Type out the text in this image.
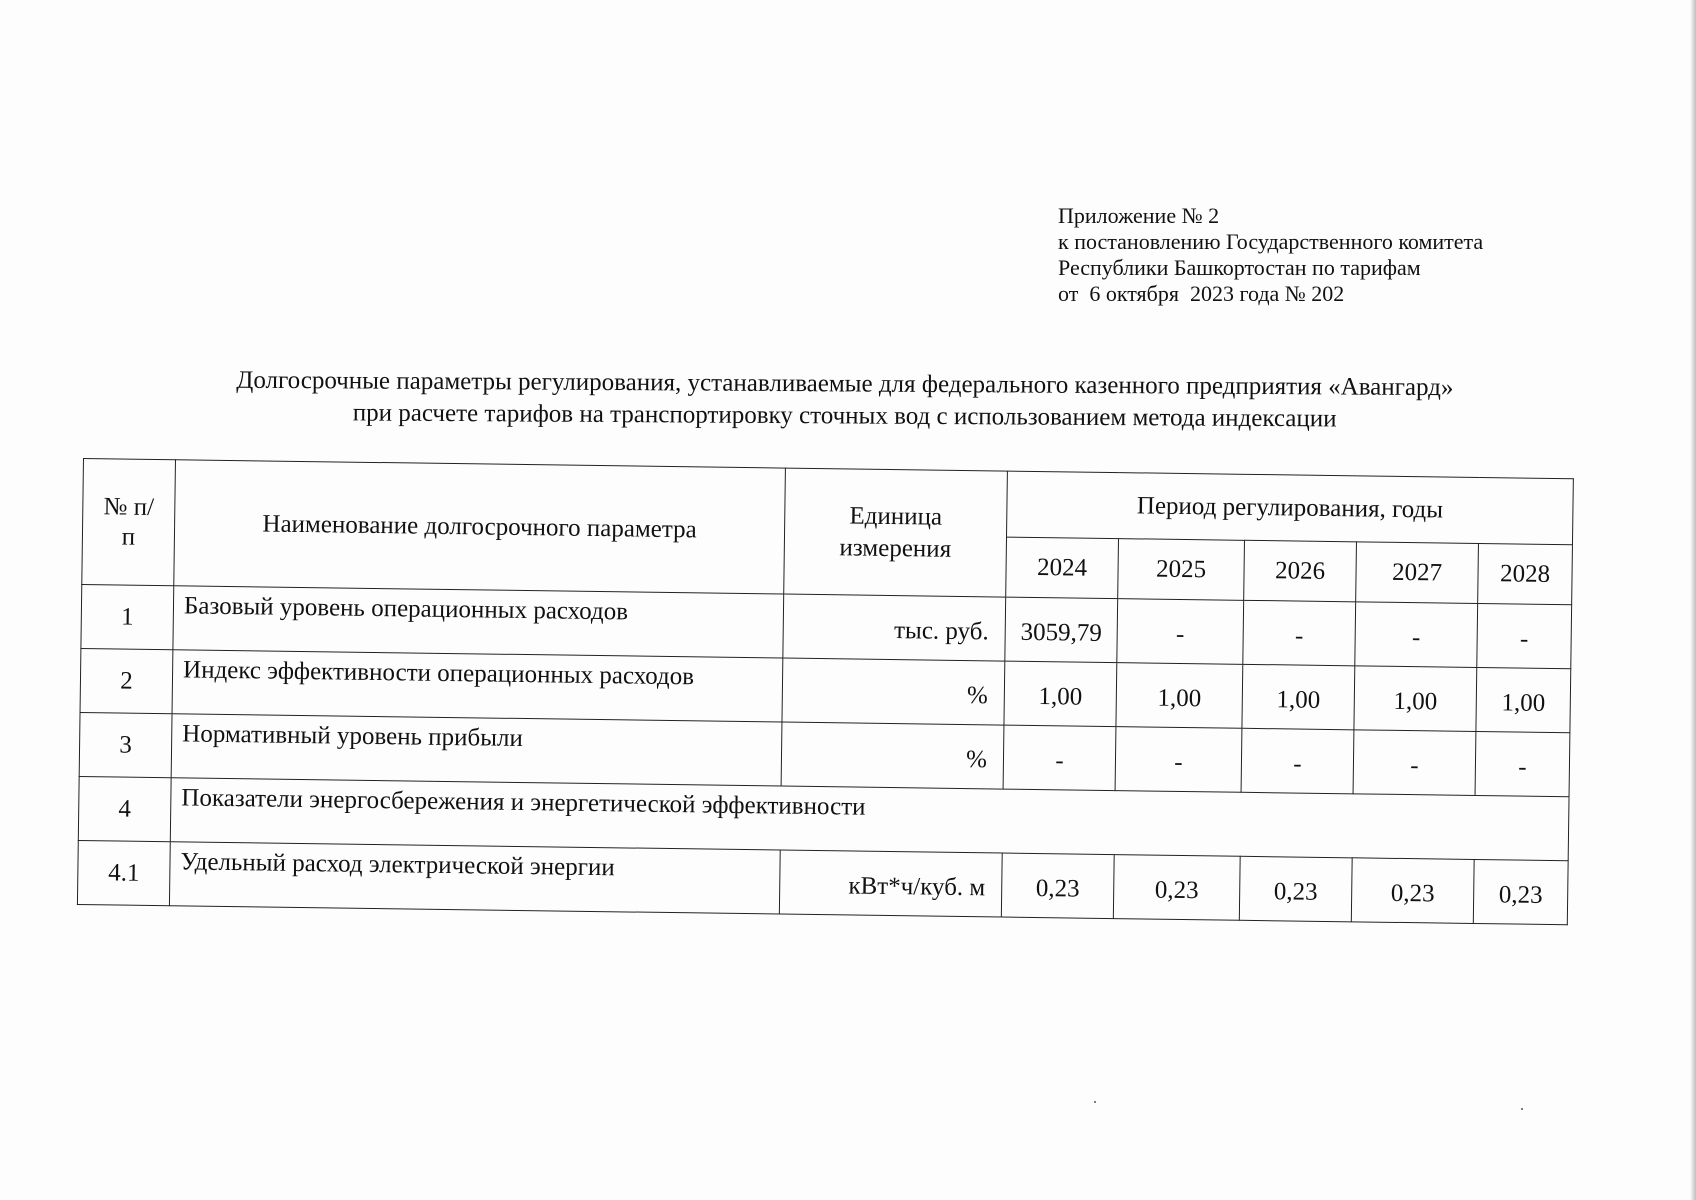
Приложение № 2
к постановлению Государственного комитета
Республики Башкортостан по тарифам
от  6 октября  2023 года № 202
Долгосрочные параметры регулирования, устанавливаемые для федерального казенного предприятия «Авангард»
при расчете тарифов на транспортировку сточных вод с использованием метода индексации
№ п/п	Наименование долгосрочного параметра	Единица измерения	Период регулирования, годы				
			2024	2025	2026	2027	2028
1	Базовый уровень операционных расходов	тыс. руб.	3059,79	-	-	-	-
2	Индекс эффективности операционных расходов	%	1,00	1,00	1,00	1,00	1,00
3	Нормативный уровень прибыли	%	-	-	-	-	-
4	Показатели энергосбережения и энергетической эффективности						
4.1	Удельный расход электрической энергии	кВт*ч/куб. м	0,23	0,23	0,23	0,23	0,23
